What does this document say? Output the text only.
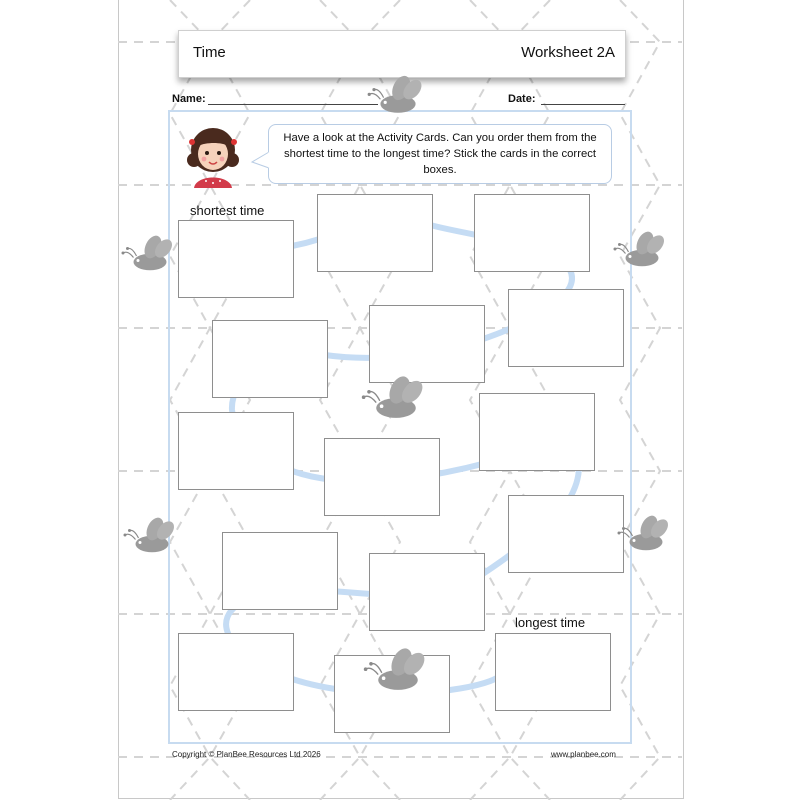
Time	Worksheet 2A
Name:	Date:
Have a look at the Activity Cards. Can you order them from the shortest time to the longest time? Stick the cards in the correct boxes.
shortest time
longest time
Copyright © PlanBee Resources Ltd 2026	www.planbee.com
